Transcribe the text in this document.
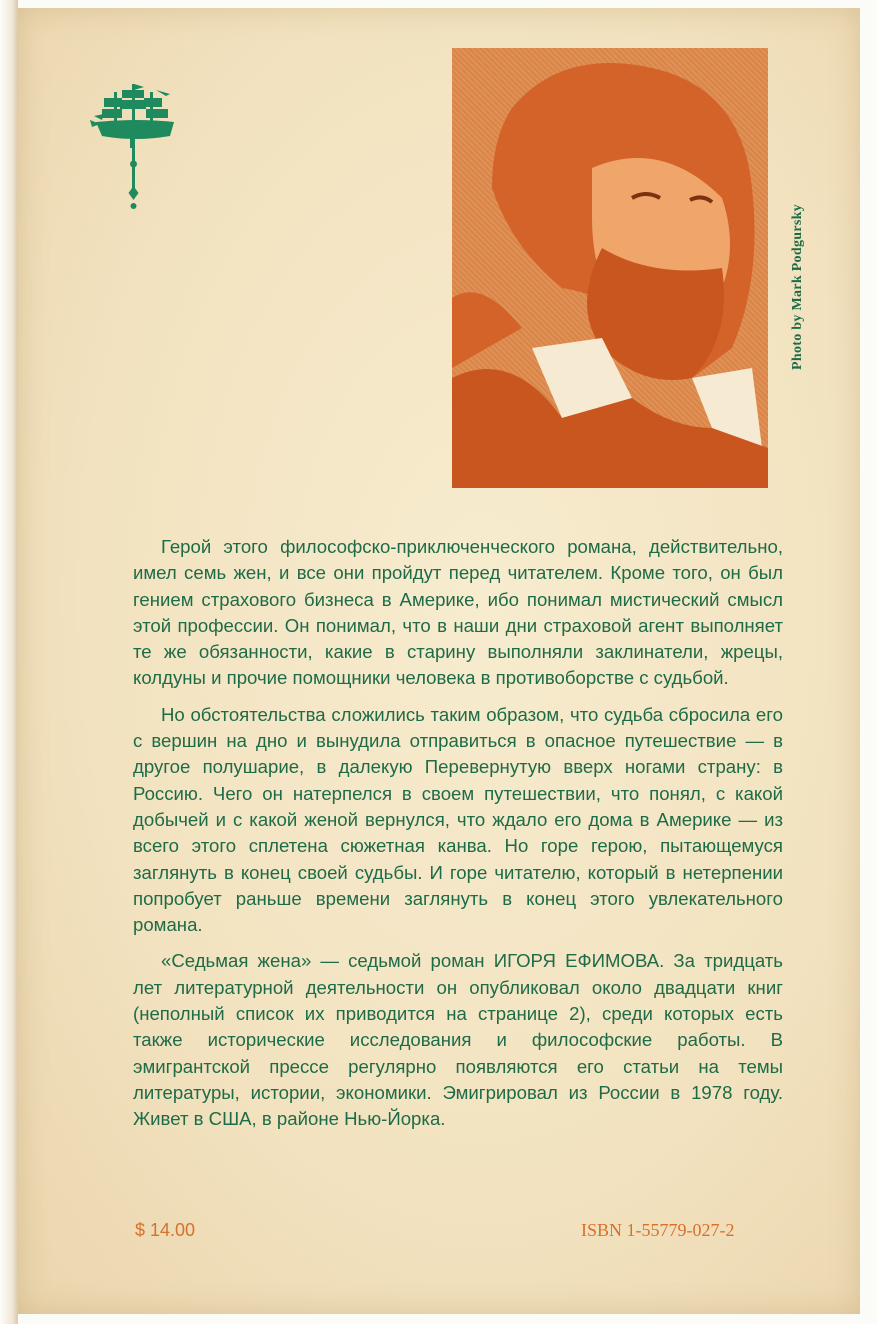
Photo by Mark Podgursky

Герой этого философско-приключенческого романа, действительно, имел семь жен, и все они пройдут перед читателем. Кроме того, он был гением страхового бизнеса в Америке, ибо понимал мистический смысл этой профессии. Он понимал, что в наши дни страховой агент выполняет те же обязанности, какие в старину выполняли заклинатели, жрецы, колдуны и прочие помощники человека в противоборстве с судьбой.

Но обстоятельства сложились таким образом, что судьба сбросила его с вершин на дно и вынудила отправиться в опасное путешествие — в другое полушарие, в далекую Перевернутую вверх ногами страну: в Россию. Чего он натерпелся в своем путешествии, что понял, с какой добычей и с какой женой вернулся, что ждало его дома в Америке — из всего этого сплетена сюжетная канва. Но горе герою, пытающемуся заглянуть в конец своей судьбы. И горе читателю, который в нетерпении попробует раньше времени заглянуть в конец этого увлекательного романа.

«Седьмая жена» — седьмой роман ИГОРЯ ЕФИМОВА. За тридцать лет литературной деятельности он опубликовал около двадцати книг (неполный список их приводится на странице 2), среди которых есть также исторические исследования и философские работы. В эмигрантской прессе регулярно появляются его статьи на темы литературы, истории, экономики. Эмигрировал из России в 1978 году. Живет в США, в районе Нью-Йорка.

$ 14.00	ISBN 1-55779-027-2
